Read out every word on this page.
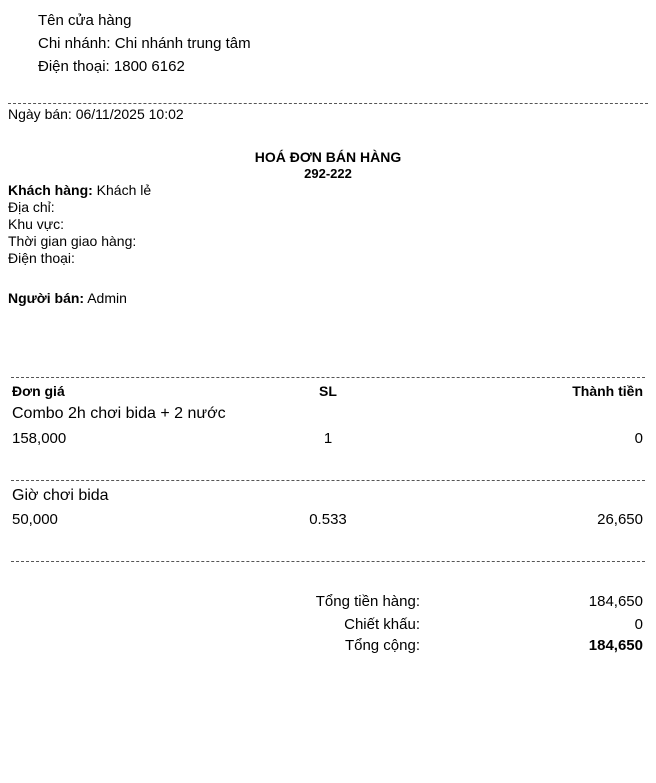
Tên cửa hàng
Chi nhánh: Chi nhánh trung tâm
Điện thoại: 1800 6162
Ngày bán: 06/11/2025 10:02
HOÁ ĐƠN BÁN HÀNG
292-222
Khách hàng: Khách lẻ
Địa chỉ:
Khu vực:
Thời gian giao hàng:
Điện thoại:
Người bán: Admin
Đơn giá	SL	Thành tiền
Combo 2h chơi bida + 2 nước
158,000	1	0
Giờ chơi bida
50,000	0.533	26,650
Tổng tiền hàng:	184,650
Chiết khấu:	0
Tổng cộng:	184,650
